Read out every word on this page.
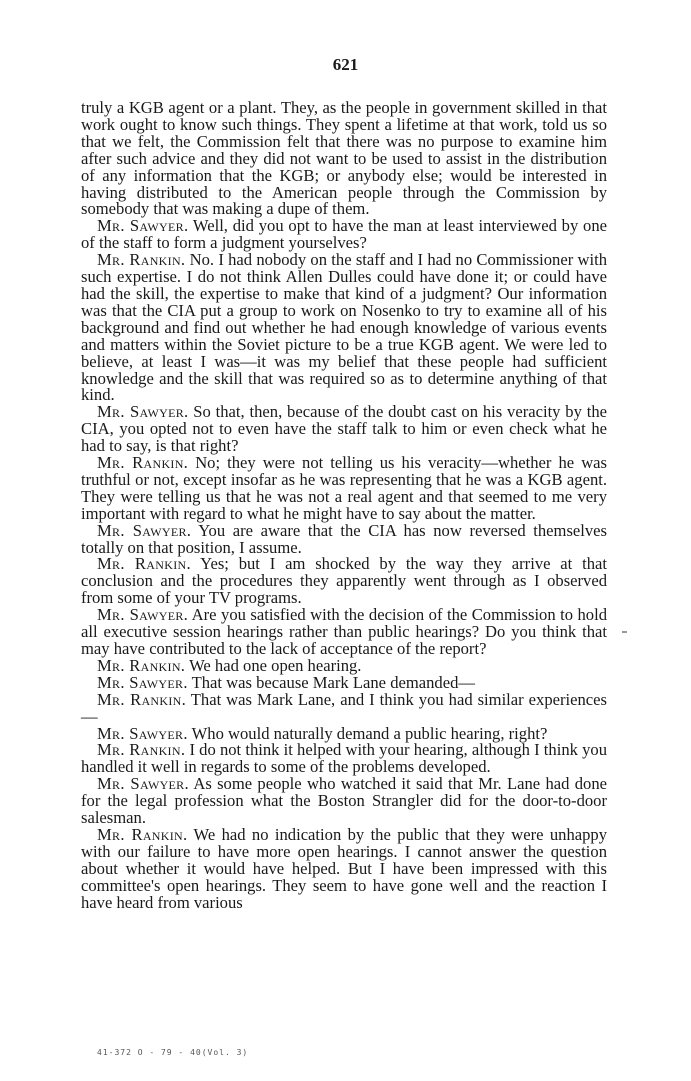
621

truly a KGB agent or a plant. They, as the people in government skilled in that work ought to know such things. They spent a lifetime at that work, told us so that we felt, the Commission felt that there was no purpose to examine him after such advice and they did not want to be used to assist in the distribution of any information that the KGB; or anybody else; would be interested in having distributed to the American people through the Commission by somebody that was making a dupe of them.

Mr. Sawyer. Well, did you opt to have the man at least interviewed by one of the staff to form a judgment yourselves?

Mr. Rankin. No. I had nobody on the staff and I had no Commissioner with such expertise. I do not think Allen Dulles could have done it; or could have had the skill, the expertise to make that kind of a judgment? Our information was that the CIA put a group to work on Nosenko to try to examine all of his background and find out whether he had enough knowledge of various events and matters within the Soviet picture to be a true KGB agent. We were led to believe, at least I was—it was my belief that these people had sufficient knowledge and the skill that was required so as to determine anything of that kind.

Mr. Sawyer. So that, then, because of the doubt cast on his veracity by the CIA, you opted not to even have the staff talk to him or even check what he had to say, is that right?

Mr. Rankin. No; they were not telling us his veracity—whether he was truthful or not, except insofar as he was representing that he was a KGB agent. They were telling us that he was not a real agent and that seemed to me very important with regard to what he might have to say about the matter.

Mr. Sawyer. You are aware that the CIA has now reversed themselves totally on that position, I assume.

Mr. Rankin. Yes; but I am shocked by the way they arrive at that conclusion and the procedures they apparently went through as I observed from some of your TV programs.

Mr. Sawyer. Are you satisfied with the decision of the Commission to hold all executive session hearings rather than public hearings? Do you think that may have contributed to the lack of acceptance of the report?

Mr. Rankin. We had one open hearing.

Mr. Sawyer. That was because Mark Lane demanded—

Mr. Rankin. That was Mark Lane, and I think you had similar experiences—

Mr. Sawyer. Who would naturally demand a public hearing, right?

Mr. Rankin. I do not think it helped with your hearing, although I think you handled it well in regards to some of the problems developed.

Mr. Sawyer. As some people who watched it said that Mr. Lane had done for the legal profession what the Boston Strangler did for the door-to-door salesman.

Mr. Rankin. We had no indication by the public that they were unhappy with our failure to have more open hearings. I cannot answer the question about whether it would have helped. But I have been impressed with this committee's open hearings. They seem to have gone well and the reaction I have heard from various

41-372 O - 79 - 40(Vol. 3)
